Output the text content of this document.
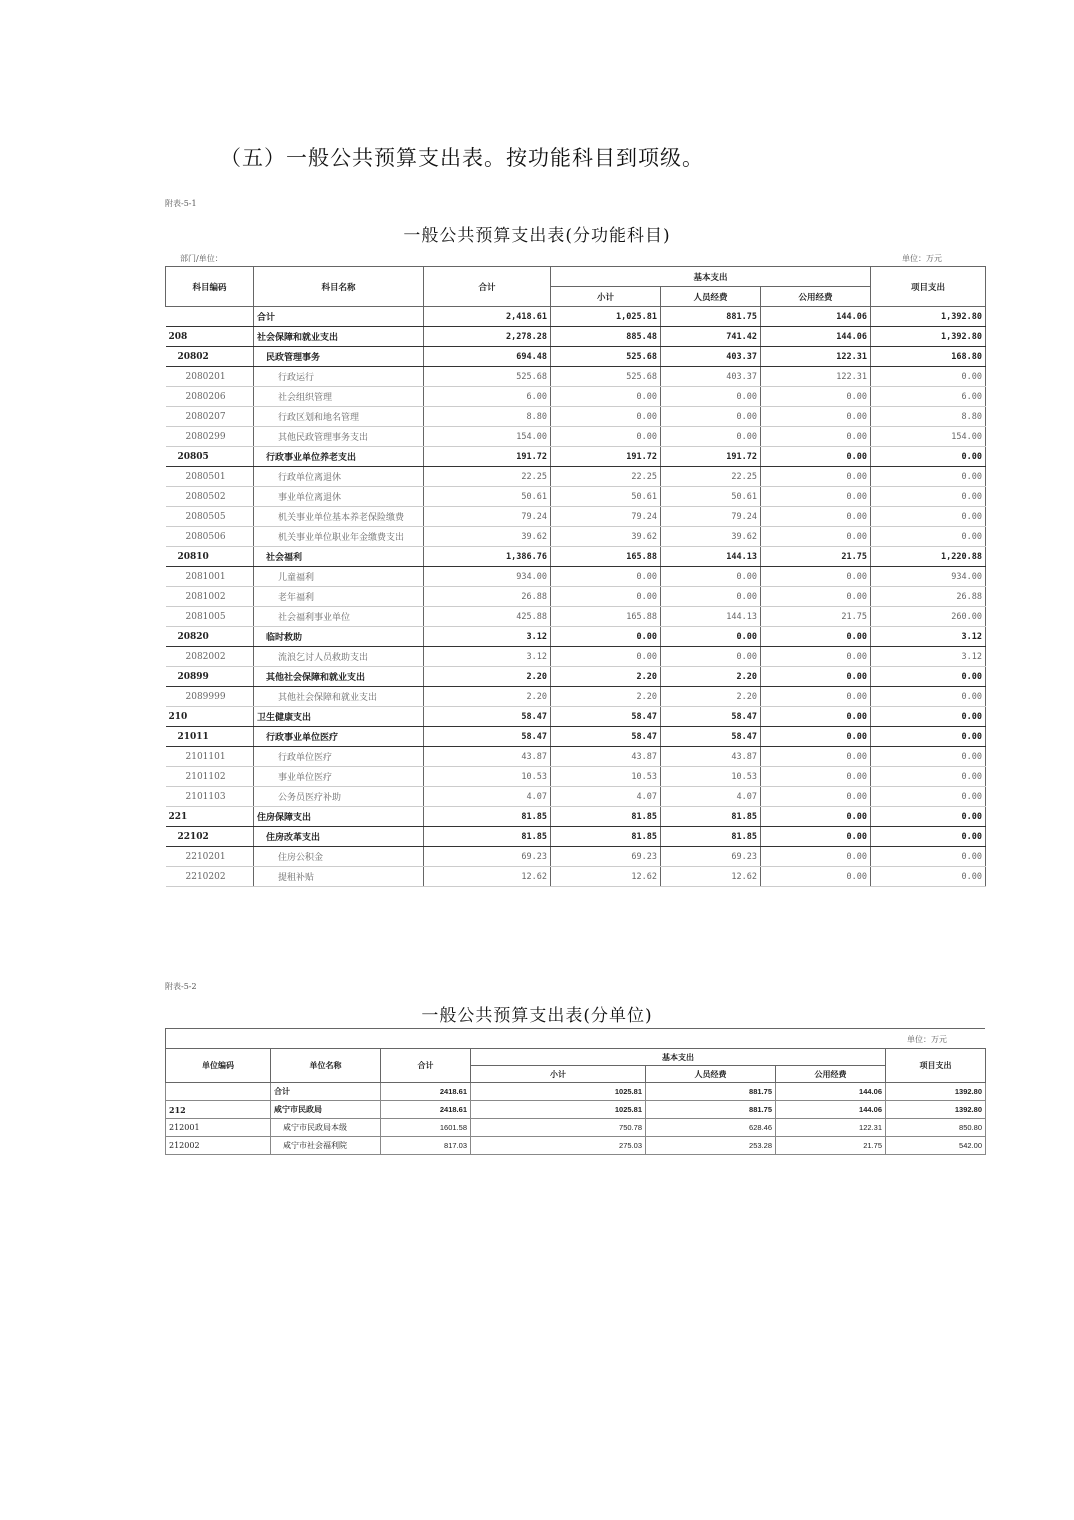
（五）一般公共预算支出表。按功能科目到项级。
附表-5-1
一般公共预算支出表(分功能科目)
部门/单位：	单位：万元
科目编码	科目名称	合计	基本支出			项目支出
			小计	人员经费	公用经费	
	合计	2,418.61	1,025.81	881.75	144.06	1,392.80
208	社会保障和就业支出	2,278.28	885.48	741.42	144.06	1,392.80
20802	民政管理事务	694.48	525.68	403.37	122.31	168.80
2080201	行政运行	525.68	525.68	403.37	122.31	0.00
2080206	社会组织管理	6.00	0.00	0.00	0.00	6.00
2080207	行政区划和地名管理	8.80	0.00	0.00	0.00	8.80
2080299	其他民政管理事务支出	154.00	0.00	0.00	0.00	154.00
20805	行政事业单位养老支出	191.72	191.72	191.72	0.00	0.00
2080501	行政单位离退休	22.25	22.25	22.25	0.00	0.00
2080502	事业单位离退休	50.61	50.61	50.61	0.00	0.00
2080505	机关事业单位基本养老保险缴费	79.24	79.24	79.24	0.00	0.00
2080506	机关事业单位职业年金缴费支出	39.62	39.62	39.62	0.00	0.00
20810	社会福利	1,386.76	165.88	144.13	21.75	1,220.88
2081001	儿童福利	934.00	0.00	0.00	0.00	934.00
2081002	老年福利	26.88	0.00	0.00	0.00	26.88
2081005	社会福利事业单位	425.88	165.88	144.13	21.75	260.00
20820	临时救助	3.12	0.00	0.00	0.00	3.12
2082002	流浪乞讨人员救助支出	3.12	0.00	0.00	0.00	3.12
20899	其他社会保障和就业支出	2.20	2.20	2.20	0.00	0.00
2089999	其他社会保障和就业支出	2.20	2.20	2.20	0.00	0.00
210	卫生健康支出	58.47	58.47	58.47	0.00	0.00
21011	行政事业单位医疗	58.47	58.47	58.47	0.00	0.00
2101101	行政单位医疗	43.87	43.87	43.87	0.00	0.00
2101102	事业单位医疗	10.53	10.53	10.53	0.00	0.00
2101103	公务员医疗补助	4.07	4.07	4.07	0.00	0.00
221	住房保障支出	81.85	81.85	81.85	0.00	0.00
22102	住房改革支出	81.85	81.85	81.85	0.00	0.00
2210201	住房公积金	69.23	69.23	69.23	0.00	0.00
2210202	提租补贴	12.62	12.62	12.62	0.00	0.00
附表-5-2
一般公共预算支出表(分单位)
单位：万元
单位编码	单位名称	合计	基本支出			项目支出
			小计	人员经费	公用经费	
	合计	2418.61	1025.81	881.75	144.06	1392.80
212	咸宁市民政局	2418.61	1025.81	881.75	144.06	1392.80
212001	咸宁市民政局本级	1601.58	750.78	628.46	122.31	850.80
212002	咸宁市社会福利院	817.03	275.03	253.28	21.75	542.00
